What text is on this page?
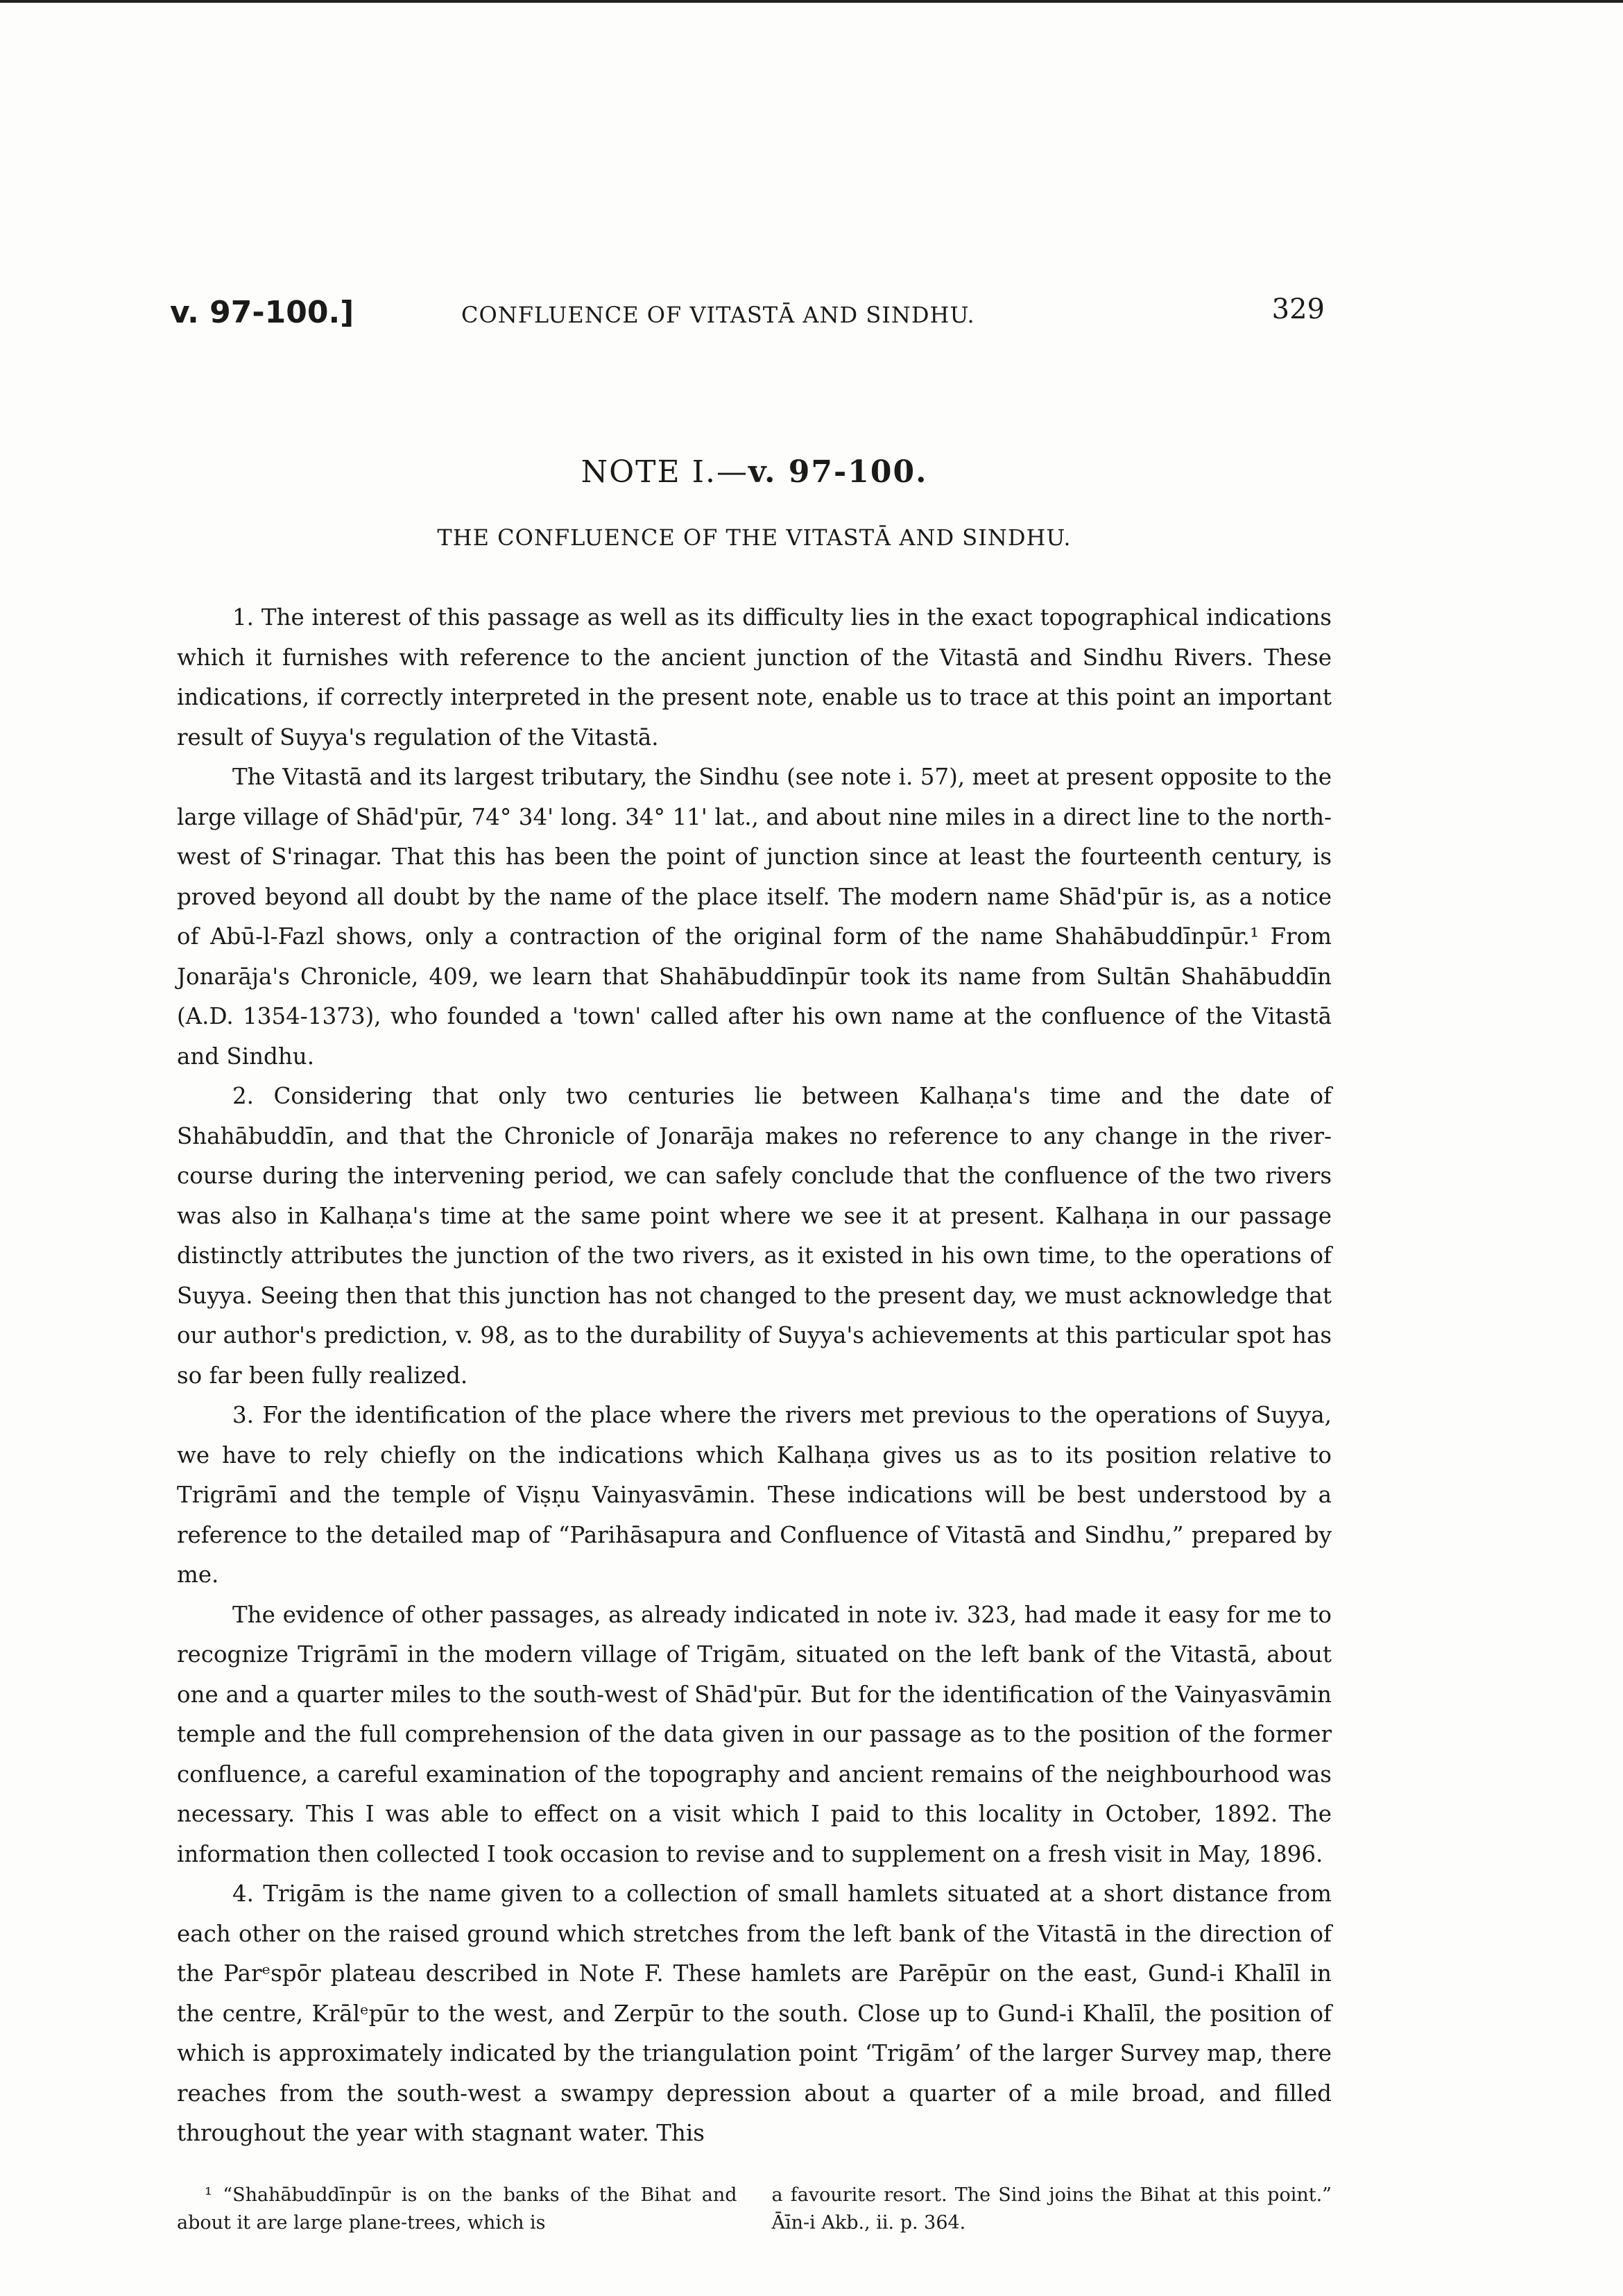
v. 97-100.]	CONFLUENCE OF VITASTĀ AND SINDHU.	329
NOTE I.—v. 97-100.
THE CONFLUENCE OF THE VITASTĀ AND SINDHU.

1. The interest of this passage as well as its difficulty lies in the exact topographical indications which it furnishes with reference to the ancient junction of the Vitastā and Sindhu Rivers. These indications, if correctly interpreted in the present note, enable us to trace at this point an important result of Suyya's regulation of the Vitastā.

The Vitastā and its largest tributary, the Sindhu (see note i. 57), meet at present opposite to the large village of Shād'pūr, 74° 34' long. 34° 11' lat., and about nine miles in a direct line to the north-west of S'rinagar. That this has been the point of junction since at least the fourteenth century, is proved beyond all doubt by the name of the place itself. The modern name Shād'pūr is, as a notice of Abū-l-Fazl shows, only a contraction of the original form of the name Shahābuddīnpūr.¹ From Jonarāja's Chronicle, 409, we learn that Shahābuddīnpūr took its name from Sultān Shahābuddīn (A.D. 1354-1373), who founded a 'town' called after his own name at the confluence of the Vitastā and Sindhu.

2. Considering that only two centuries lie between Kalhaṇa's time and the date of Shahābuddīn, and that the Chronicle of Jonarāja makes no reference to any change in the river-course during the intervening period, we can safely conclude that the confluence of the two rivers was also in Kalhaṇa's time at the same point where we see it at present. Kalhaṇa in our passage distinctly attributes the junction of the two rivers, as it existed in his own time, to the operations of Suyya. Seeing then that this junction has not changed to the present day, we must acknowledge that our author's prediction, v. 98, as to the durability of Suyya's achievements at this particular spot has so far been fully realized.

3. For the identification of the place where the rivers met previous to the operations of Suyya, we have to rely chiefly on the indications which Kalhaṇa gives us as to its position relative to Trigrāmī and the temple of Viṣṇu Vainyasvāmin. These indications will be best understood by a reference to the detailed map of “Parihāsapura and Confluence of Vitastā and Sindhu,” prepared by me.

The evidence of other passages, as already indicated in note iv. 323, had made it easy for me to recognize Trigrāmī in the modern village of Trigām, situated on the left bank of the Vitastā, about one and a quarter miles to the south-west of Shād'pūr. But for the identification of the Vainyasvāmin temple and the full comprehension of the data given in our passage as to the position of the former confluence, a careful examination of the topography and ancient remains of the neighbourhood was necessary. This I was able to effect on a visit which I paid to this locality in October, 1892. The information then collected I took occasion to revise and to supplement on a fresh visit in May, 1896.

4. Trigām is the name given to a collection of small hamlets situated at a short distance from each other on the raised ground which stretches from the left bank of the Vitastā in the direction of the Parᵉspōr plateau described in Note F. These hamlets are Parēpūr on the east, Gund-i Khalīl in the centre, Krālᵉpūr to the west, and Zerpūr to the south. Close up to Gund-i Khalīl, the position of which is approximately indicated by the triangulation point ‘Trigām’ of the larger Survey map, there reaches from the south-west a swampy depression about a quarter of a mile broad, and filled throughout the year with stagnant water. This

¹ “Shahābuddīnpūr is on the banks of the Bihat and about it are large plane-trees, which is
a favourite resort. The Sind joins the Bihat at this point.” Āīn-i Akb., ii. p. 364.
